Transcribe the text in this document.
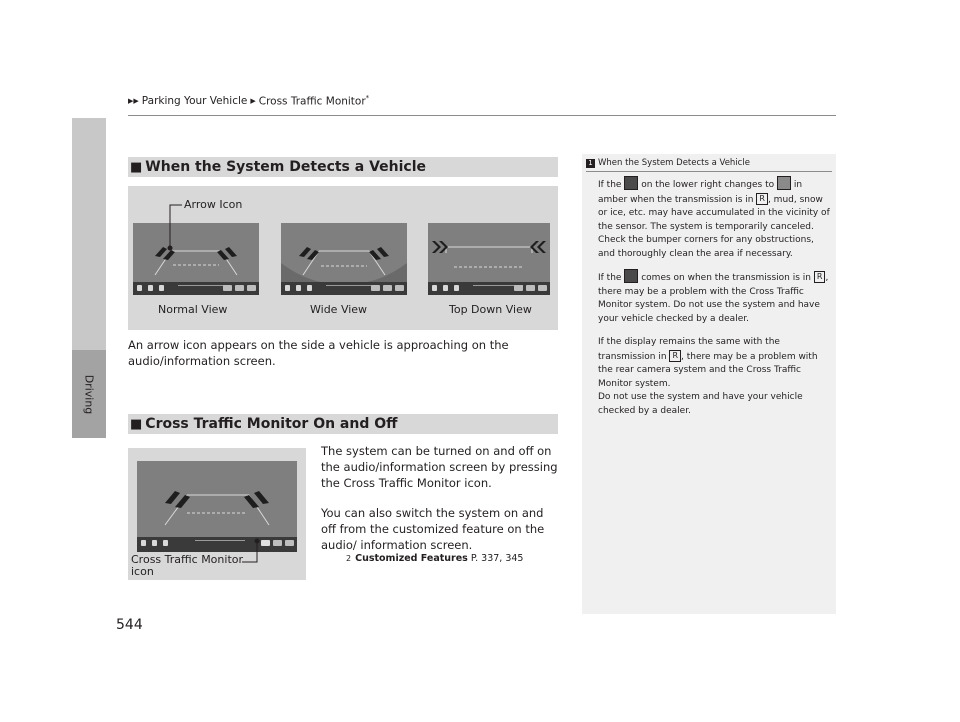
▶▶ Parking Your Vehicle ▶ Cross Traffic Monitor*
Driving
■ When the System Detects a Vehicle
Arrow Icon
Normal View	Wide View	Top Down View
An arrow icon appears on the side a vehicle is approaching on the audio/information screen.
■ Cross Traffic Monitor On and Off
Cross Traffic Monitor icon
The system can be turned on and off on the audio/information screen by pressing the Cross Traffic Monitor icon.
You can also switch the system on and off from the customized feature on the audio/ information screen.
2 Customized Features P. 337, 345
1 When the System Detects a Vehicle
If the on the lower right changes to in amber when the transmission is in R , mud, snow or ice, etc. may have accumulated in the vicinity of the sensor. The system is temporarily canceled. Check the bumper corners for any obstructions, and thoroughly clean the area if necessary.
If the comes on when the transmission is in R , there may be a problem with the Cross Traffic Monitor system. Do not use the system and have your vehicle checked by a dealer.
If the display remains the same with the transmission in R , there may be a problem with the rear camera system and the Cross Traffic Monitor system.
Do not use the system and have your vehicle checked by a dealer.
544
